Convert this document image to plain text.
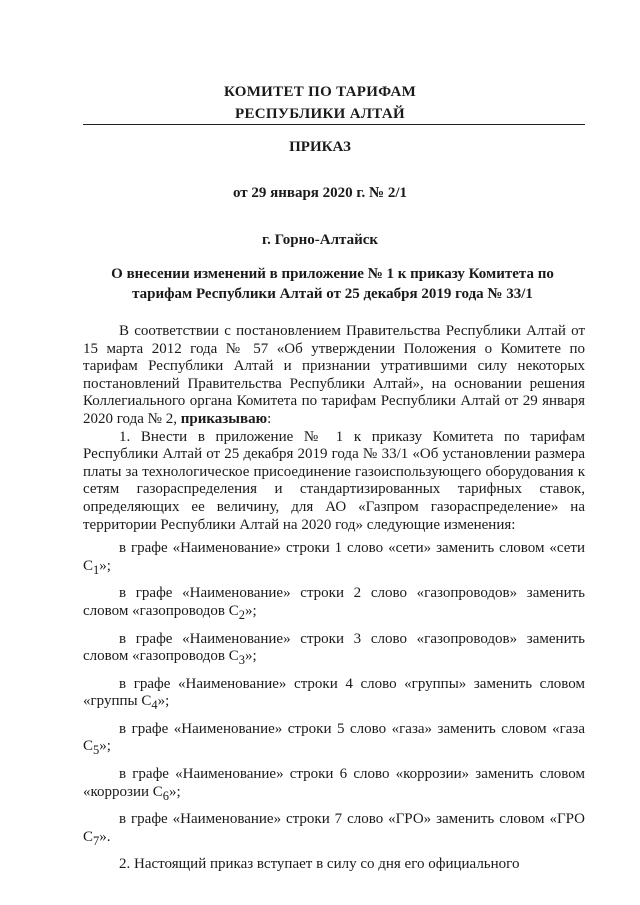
КОМИТЕТ ПО ТАРИФАМ
РЕСПУБЛИКИ АЛТАЙ
ПРИКАЗ
от 29 января 2020 г. № 2/1
г. Горно-Алтайск
О внесении изменений в приложение № 1 к приказу Комитета по
тарифам Республики Алтай от 25 декабря 2019 года № 33/1

В соответствии с постановлением Правительства Республики Алтай от 15 марта 2012 года № 57 «Об утверждении Положения о Комитете по тарифам Республики Алтай и признании утратившими силу некоторых постановлений Правительства Республики Алтай», на основании решения Коллегиального органа Комитета по тарифам Республики Алтай от 29 января 2020 года № 2, приказываю:

1. Внести в приложение № 1 к приказу Комитета по тарифам Республики Алтай от 25 декабря 2019 года № 33/1 «Об установлении размера платы за технологическое присоединение газоиспользующего оборудования к сетям газораспределения и стандартизированных тарифных ставок, определяющих ее величину, для АО «Газпром газораспределение» на территории Республики Алтай на 2020 год» следующие изменения:

в графе «Наименование» строки 1 слово «сети» заменить словом «сети $С_1$»;

в графе «Наименование» строки 2 слово «газопроводов» заменить словом «газопроводов $С_2$»;

в графе «Наименование» строки 3 слово «газопроводов» заменить словом «газопроводов $С_3$»;

в графе «Наименование» строки 4 слово «группы» заменить словом «группы $С_4$»;

в графе «Наименование» строки 5 слово «газа» заменить словом «газа $С_5$»;

в графе «Наименование» строки 6 слово «коррозии» заменить словом «коррозии $С_6$»;

в графе «Наименование» строки 7 слово «ГРО» заменить словом «ГРО $С_7$».

2. Настоящий приказ вступает в силу со дня его официального
